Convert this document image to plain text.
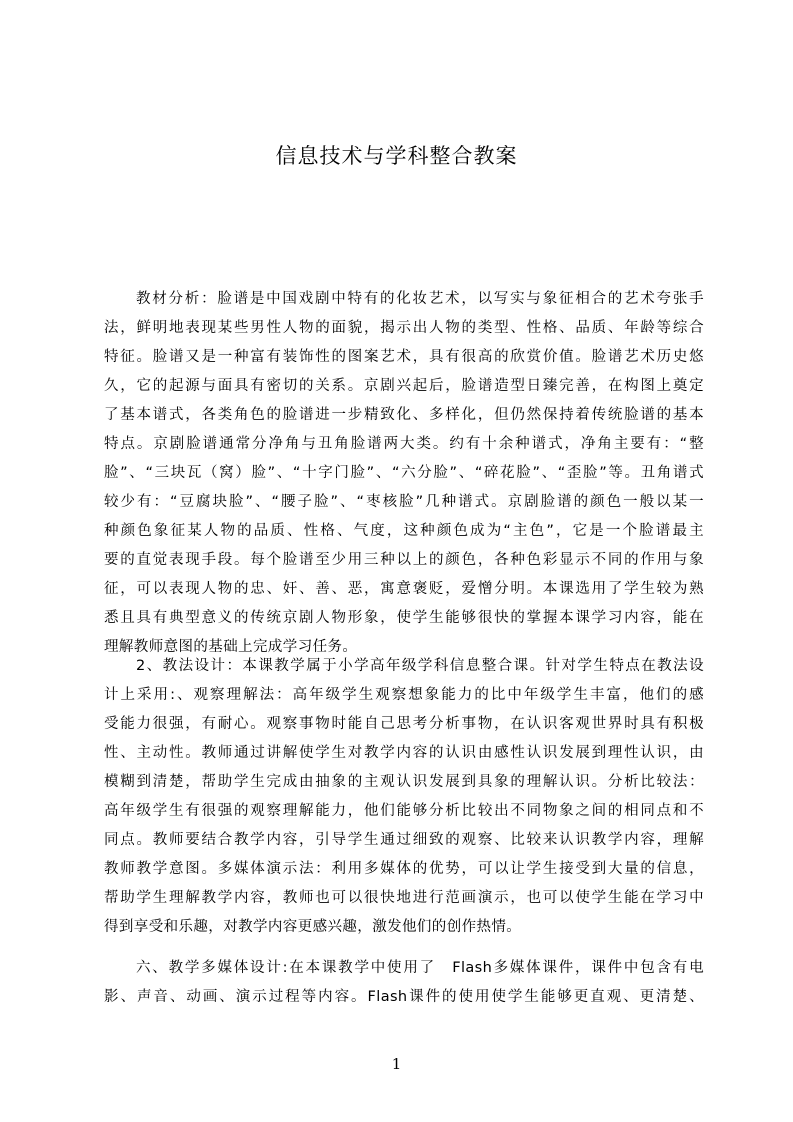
信息技术与学科整合教案
教材分析：脸谱是中国戏剧中特有的化妆艺术，以写实与象征相合的艺术夸张手
法，鲜明地表现某些男性人物的面貌，揭示出人物的类型、性格、品质、年龄等综合
特征。脸谱又是一种富有装饰性的图案艺术，具有很高的欣赏价值。脸谱艺术历史悠
久，它的起源与面具有密切的关系。京剧兴起后，脸谱造型日臻完善，在构图上奠定
了基本谱式，各类角色的脸谱进一步精致化、多样化，但仍然保持着传统脸谱的基本
特点。京剧脸谱通常分净角与丑角脸谱两大类。约有十余种谱式，净角主要有：“整
脸”、“三块瓦（窝）脸”、“十字门脸”、“六分脸”、“碎花脸”、“歪脸”等。丑角谱式
较少有：“豆腐块脸”、“腰子脸”、“枣核脸”几种谱式。京剧脸谱的颜色一般以某一
种颜色象征某人物的品质、性格、气度，这种颜色成为“主色”，它是一个脸谱最主
要的直觉表现手段。每个脸谱至少用三种以上的颜色，各种色彩显示不同的作用与象
征，可以表现人物的忠、奸、善、恶，寓意褒贬，爱憎分明。本课选用了学生较为熟
悉且具有典型意义的传统京剧人物形象，使学生能够很快的掌握本课学习内容，能在
理解教师意图的基础上完成学习任务。
2、教法设计：本课教学属于小学高年级学科信息整合课。针对学生特点在教法设
计上采用:、观察理解法：高年级学生观察想象能力的比中年级学生丰富，他们的感
受能力很强，有耐心。观察事物时能自己思考分析事物，在认识客观世界时具有积极
性、主动性。教师通过讲解使学生对教学内容的认识由感性认识发展到理性认识，由
模糊到清楚，帮助学生完成由抽象的主观认识发展到具象的理解认识。分析比较法：
高年级学生有很强的观察理解能力，他们能够分析比较出不同物象之间的相同点和不
同点。教师要结合教学内容，引导学生通过细致的观察、比较来认识教学内容，理解
教师教学意图。多媒体演示法：利用多媒体的优势，可以让学生接受到大量的信息，
帮助学生理解教学内容，教师也可以很快地进行范画演示，也可以使学生能在学习中
得到享受和乐趣，对教学内容更感兴趣，激发他们的创作热情。
六、教学多媒体设计:在本课教学中使用了　Flash多媒体课件，课件中包含有电
影、声音、动画、演示过程等内容。Flash课件的使用使学生能够更直观、更清楚、
1
